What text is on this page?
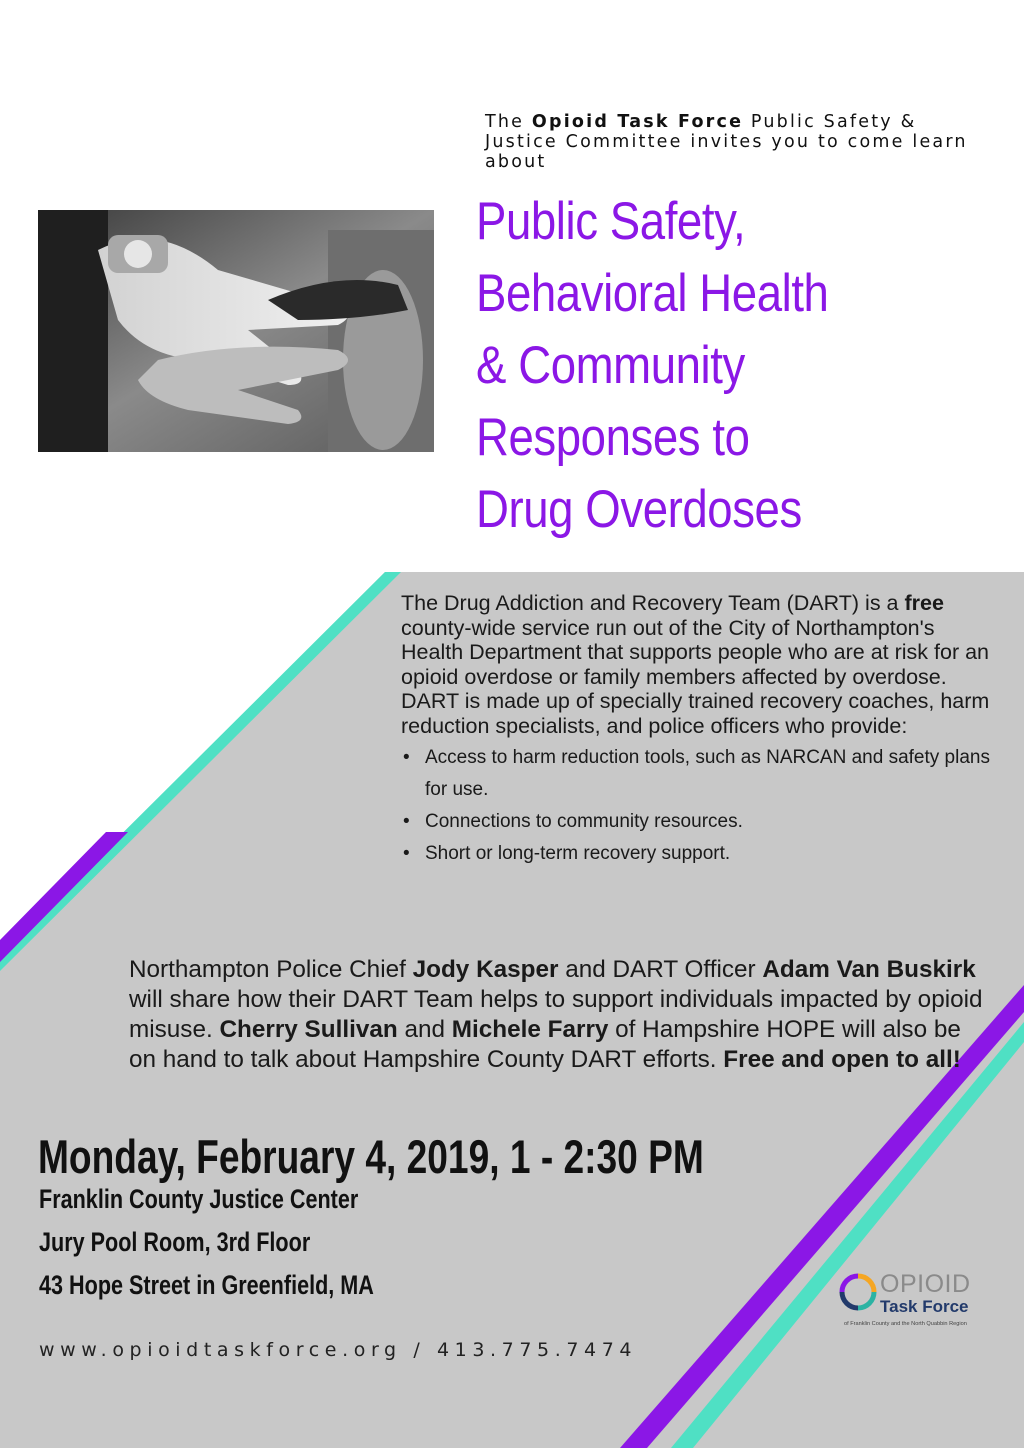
The Opioid Task Force Public Safety & Justice Committee invites you to come learn about
Public Safety,
Behavioral Health
& Community
Responses to
Drug Overdoses

The Drug Addiction and Recovery Team (DART) is a free county-wide service run out of the City of Northampton's Health Department that supports people who are at risk for an opioid overdose or family members affected by overdose. DART is made up of specially trained recovery coaches, harm reduction specialists, and police officers who provide:

• Access to harm reduction tools, such as NARCAN and safety plans for use.
• Connections to community resources.
• Short or long-term recovery support.

Northampton Police Chief Jody Kasper and DART Officer Adam Van Buskirk will share how their DART Team helps to support individuals impacted by opioid misuse. Cherry Sullivan and Michele Farry of Hampshire HOPE will also be on hand to talk about Hampshire County DART efforts. Free and open to all!

Monday, February 4, 2019, 1 - 2:30 PM
Franklin County Justice Center
Jury Pool Room, 3rd Floor
43 Hope Street in Greenfield, MA
www.opioidtaskforce.org / 413.775.7474
OPIOID
Task Force
of Franklin County and the North Quabbin Region
